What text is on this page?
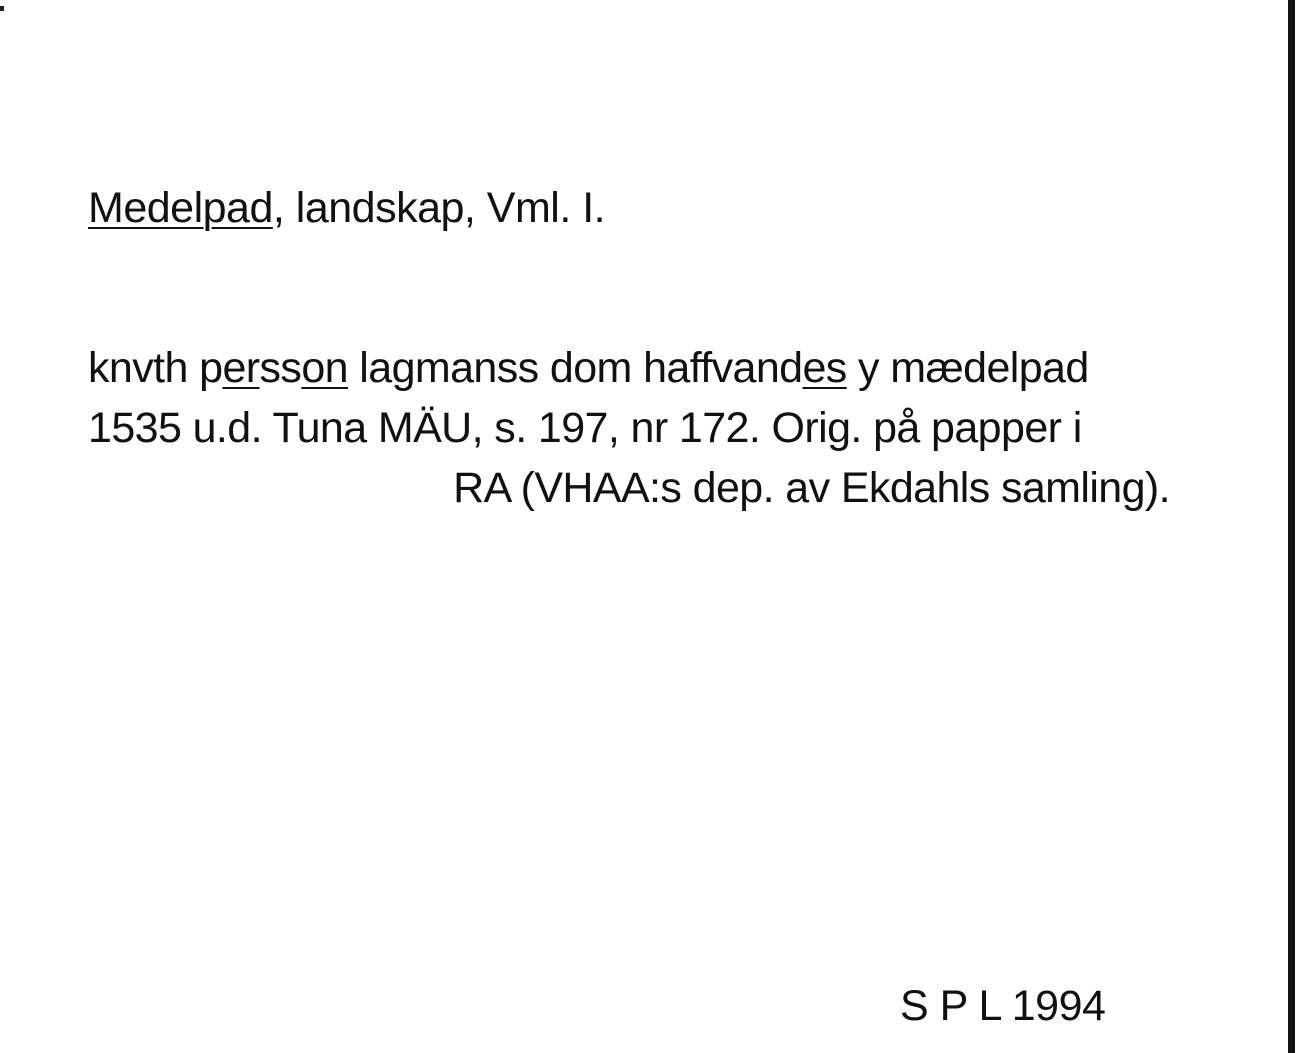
Medelpad, landskap, Vml. I.
knvth persson lagmanss dom haffvandes y mædelpad
1535 u.d. Tuna MÄU, s. 197, nr 172. Orig. på papper i
RA (VHAA:s dep. av Ekdahls samling).
S P L 1994
